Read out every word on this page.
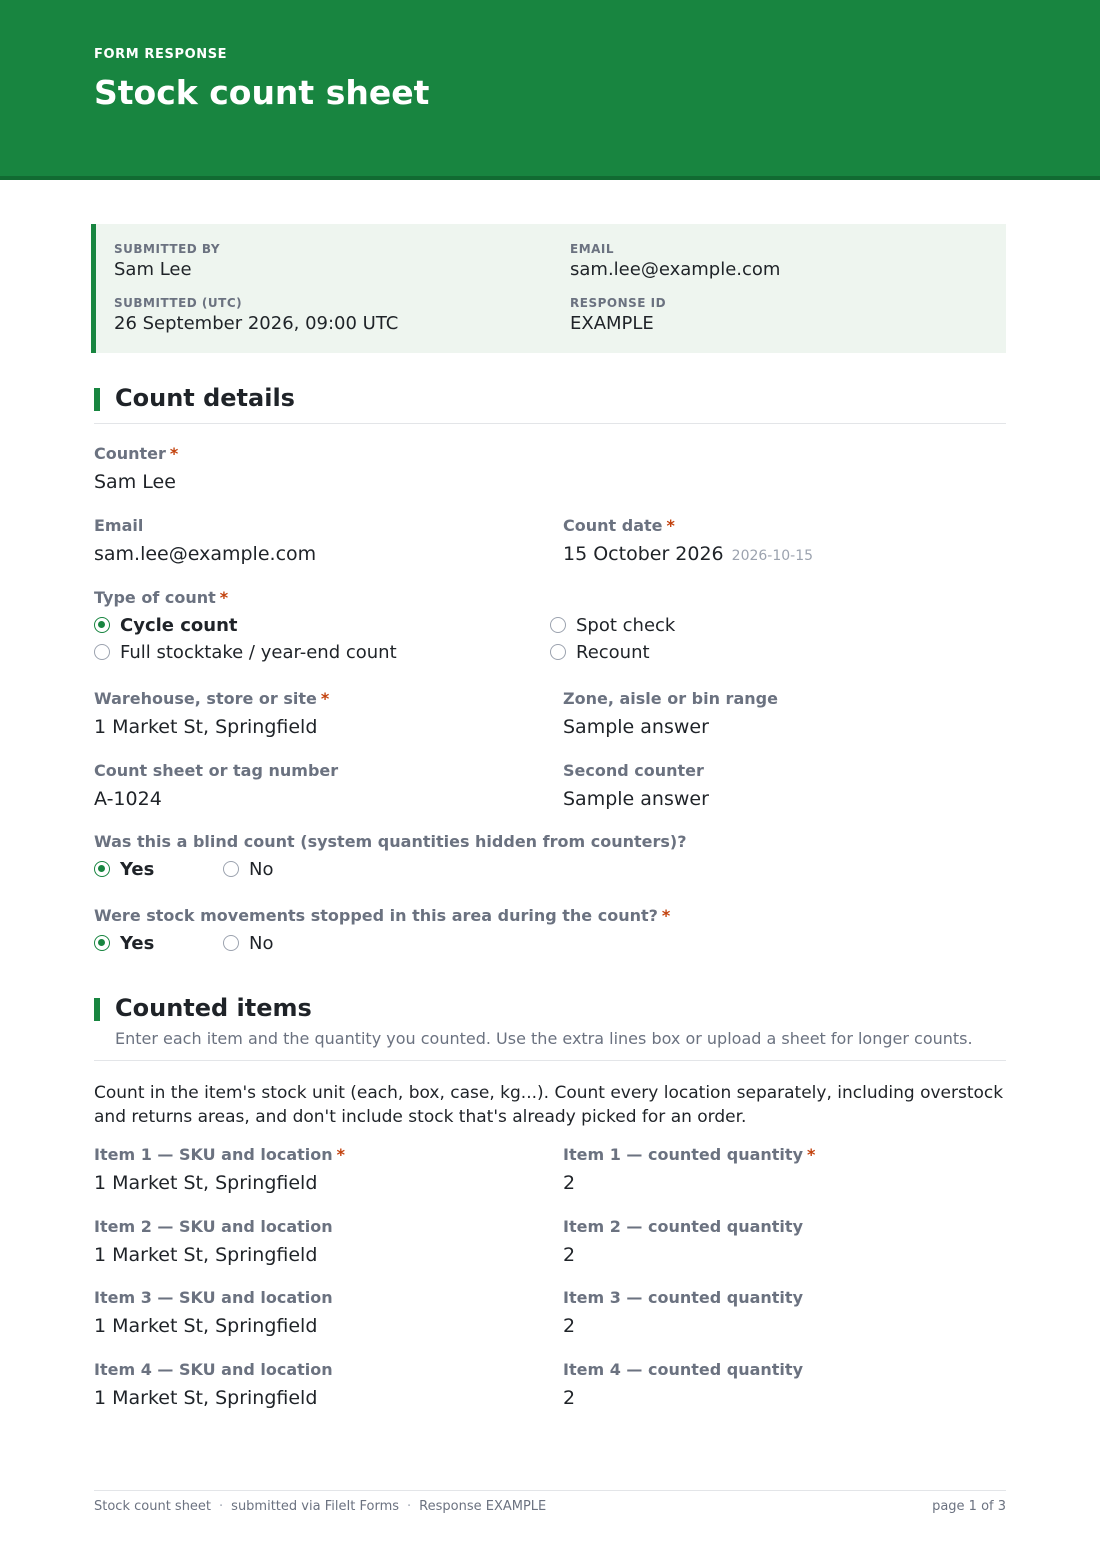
FORM RESPONSE
Stock count sheet
SUBMITTED BY
Sam Lee
EMAIL
sam.lee@example.com
SUBMITTED (UTC)
26 September 2026, 09:00 UTC
RESPONSE ID
EXAMPLE
Count details
Counter *
Sam Lee
Email
sam.lee@example.com
Count date *
15 October 2026 2026-10-15
Type of count *
Cycle count	Spot check
Full stocktake / year-end count	Recount
Warehouse, store or site *
1 Market St, Springfield
Zone, aisle or bin range
Sample answer
Count sheet or tag number
A-1024
Second counter
Sample answer
Was this a blind count (system quantities hidden from counters)?
Yes	No
Were stock movements stopped in this area during the count? *
Yes	No
Counted items
Enter each item and the quantity you counted. Use the extra lines box or upload a sheet for longer counts.
Count in the item's stock unit (each, box, case, kg...). Count every location separately, including overstock and returns areas, and don't include stock that's already picked for an order.
Item 1 — SKU and location *
1 Market St, Springfield
Item 1 — counted quantity *
2
Item 2 — SKU and location
1 Market St, Springfield
Item 2 — counted quantity
2
Item 3 — SKU and location
1 Market St, Springfield
Item 3 — counted quantity
2
Item 4 — SKU and location
1 Market St, Springfield
Item 4 — counted quantity
2
Stock count sheet · submitted via FileIt Forms · Response EXAMPLE	page 1 of 3
